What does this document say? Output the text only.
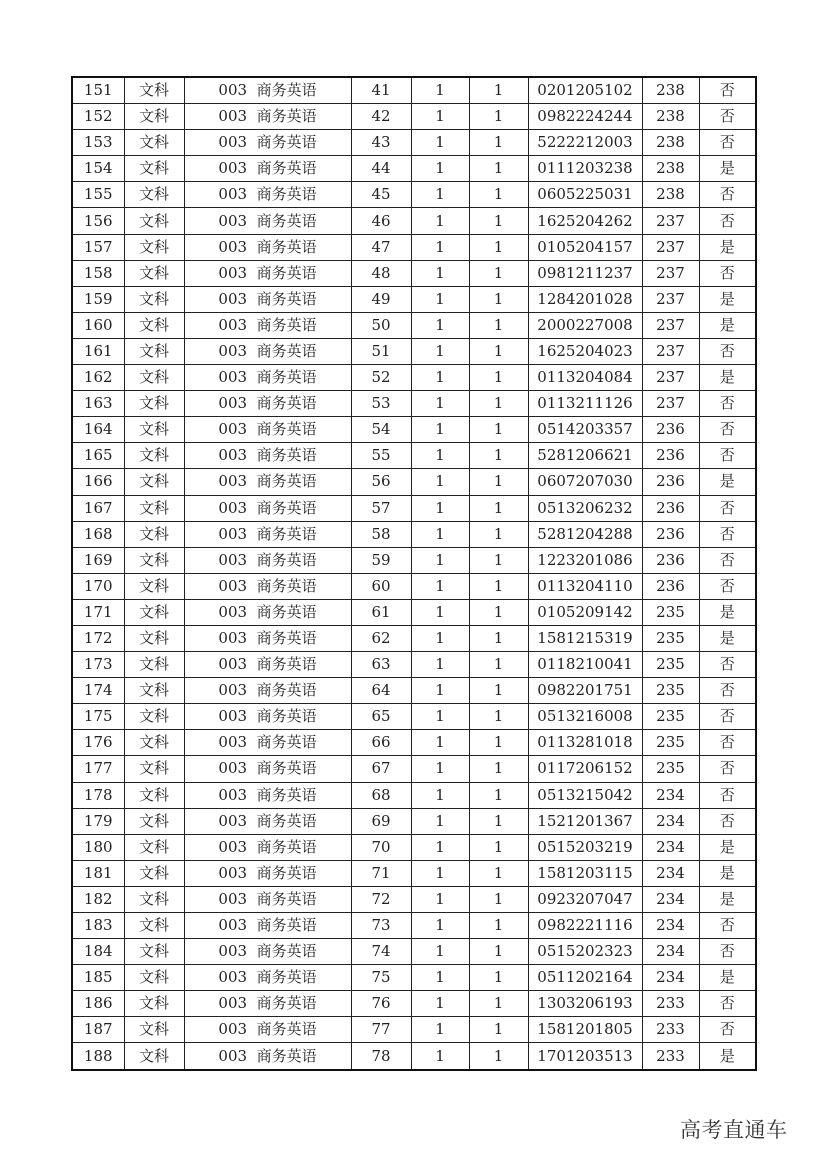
151	文科	003  商务英语	41	1	1	0201205102	238	否
152	文科	003  商务英语	42	1	1	0982224244	238	否
153	文科	003  商务英语	43	1	1	5222212003	238	否
154	文科	003  商务英语	44	1	1	0111203238	238	是
155	文科	003  商务英语	45	1	1	0605225031	238	否
156	文科	003  商务英语	46	1	1	1625204262	237	否
157	文科	003  商务英语	47	1	1	0105204157	237	是
158	文科	003  商务英语	48	1	1	0981211237	237	否
159	文科	003  商务英语	49	1	1	1284201028	237	是
160	文科	003  商务英语	50	1	1	2000227008	237	是
161	文科	003  商务英语	51	1	1	1625204023	237	否
162	文科	003  商务英语	52	1	1	0113204084	237	是
163	文科	003  商务英语	53	1	1	0113211126	237	否
164	文科	003  商务英语	54	1	1	0514203357	236	否
165	文科	003  商务英语	55	1	1	5281206621	236	否
166	文科	003  商务英语	56	1	1	0607207030	236	是
167	文科	003  商务英语	57	1	1	0513206232	236	否
168	文科	003  商务英语	58	1	1	5281204288	236	否
169	文科	003  商务英语	59	1	1	1223201086	236	否
170	文科	003  商务英语	60	1	1	0113204110	236	否
171	文科	003  商务英语	61	1	1	0105209142	235	是
172	文科	003  商务英语	62	1	1	1581215319	235	是
173	文科	003  商务英语	63	1	1	0118210041	235	否
174	文科	003  商务英语	64	1	1	0982201751	235	否
175	文科	003  商务英语	65	1	1	0513216008	235	否
176	文科	003  商务英语	66	1	1	0113281018	235	否
177	文科	003  商务英语	67	1	1	0117206152	235	否
178	文科	003  商务英语	68	1	1	0513215042	234	否
179	文科	003  商务英语	69	1	1	1521201367	234	否
180	文科	003  商务英语	70	1	1	0515203219	234	是
181	文科	003  商务英语	71	1	1	1581203115	234	是
182	文科	003  商务英语	72	1	1	0923207047	234	是
183	文科	003  商务英语	73	1	1	0982221116	234	否
184	文科	003  商务英语	74	1	1	0515202323	234	否
185	文科	003  商务英语	75	1	1	0511202164	234	是
186	文科	003  商务英语	76	1	1	1303206193	233	否
187	文科	003  商务英语	77	1	1	1581201805	233	否
188	文科	003  商务英语	78	1	1	1701203513	233	是
高考直通车
